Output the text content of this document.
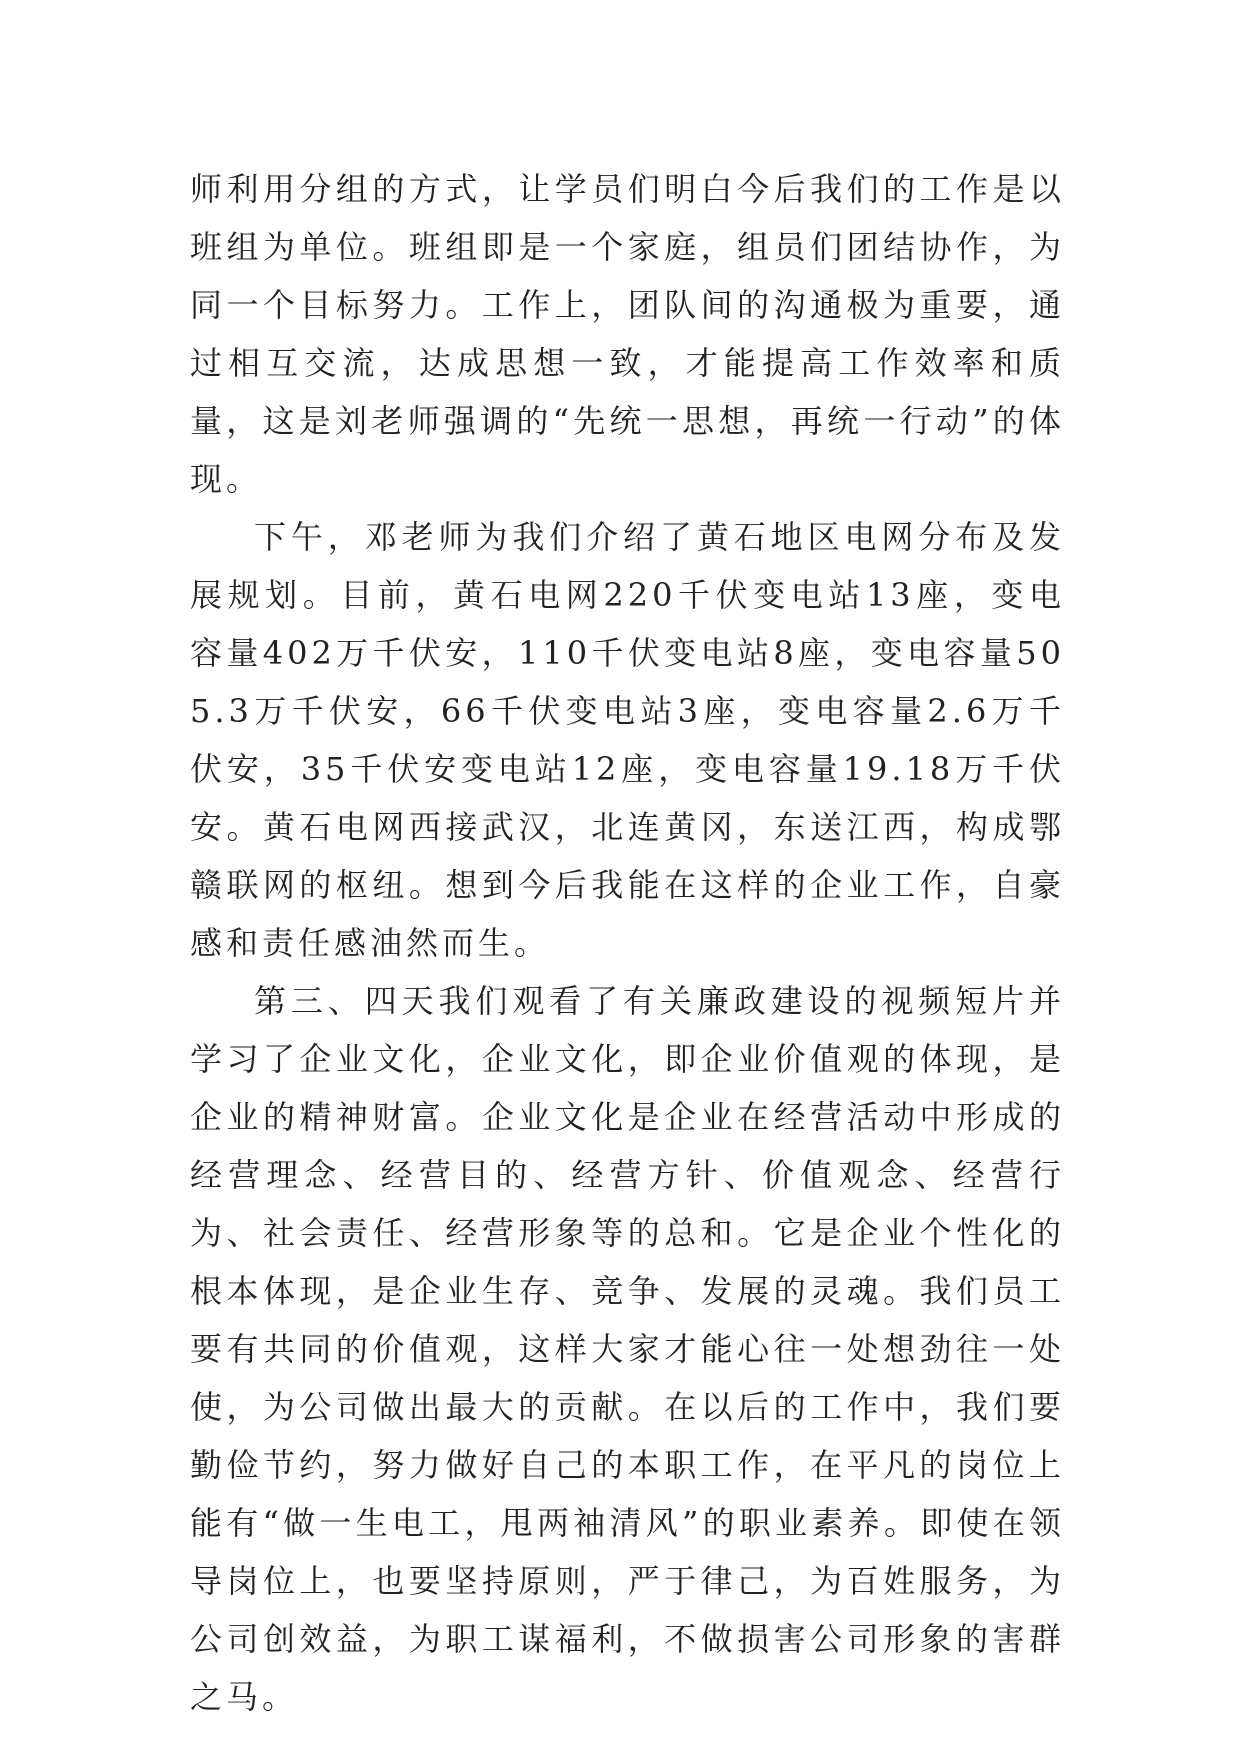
师利用分组的方式，让学员们明白今后我们的工作是以班组为单位。班组即是一个家庭，组员们团结协作，为同一个目标努力。工作上，团队间的沟通极为重要，通过相互交流，达成思想一致，才能提高工作效率和质量，这是刘老师强调的“先统一思想，再统一行动”的体现。

下午，邓老师为我们介绍了黄石地区电网分布及发展规划。目前，黄石电网220千伏变电站13座，变电容量402万千伏安，110千伏变电站8座，变电容量505.3万千伏安，66千伏变电站3座，变电容量2.6万千伏安，35千伏安变电站12座，变电容量19.18万千伏安。黄石电网西接武汉，北连黄冈，东送江西，构成鄂赣联网的枢纽。想到今后我能在这样的企业工作，自豪感和责任感油然而生。

第三、四天我们观看了有关廉政建设的视频短片并学习了企业文化，企业文化，即企业价值观的体现，是企业的精神财富。企业文化是企业在经营活动中形成的经营理念、经营目的、经营方针、价值观念、经营行为、社会责任、经营形象等的总和。它是企业个性化的根本体现，是企业生存、竞争、发展的灵魂。我们员工要有共同的价值观，这样大家才能心往一处想劲往一处使，为公司做出最大的贡献。在以后的工作中，我们要勤俭节约，努力做好自己的本职工作，在平凡的岗位上能有“做一生电工，甩两袖清风”的职业素养。即使在领导岗位上，也要坚持原则，严于律己，为百姓服务，为公司创效益，为职工谋福利，不做损害公司形象的害群之马。
